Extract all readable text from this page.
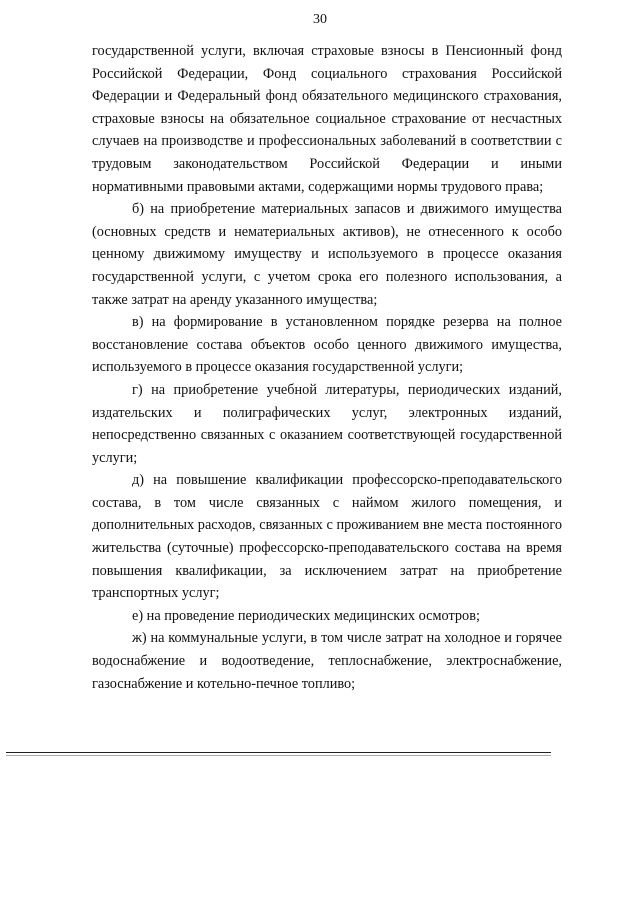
30

государственной услуги, включая страховые взносы в Пенсионный фонд Российской Федерации, Фонд социального страхования Российской Федерации и Федеральный фонд обязательного медицинского страхования, страховые взносы на обязательное социальное страхование от несчастных случаев на производстве и профессиональных заболеваний в соответствии с трудовым законодательством Российской Федерации и иными нормативными правовыми актами, содержащими нормы трудового права;

б) на приобретение материальных запасов и движимого имущества (основных средств и нематериальных активов), не отнесенного к особо ценному движимому имуществу и используемого в процессе оказания государственной услуги, с учетом срока его полезного использования, а также затрат на аренду указанного имущества;

в) на формирование в установленном порядке резерва на полное восстановление состава объектов особо ценного движимого имущества, используемого в процессе оказания государственной услуги;

г) на приобретение учебной литературы, периодических изданий, издательских и полиграфических услуг, электронных изданий, непосредственно связанных с оказанием соответствующей государственной услуги;

д) на повышение квалификации профессорско-преподавательского состава, в том числе связанных с наймом жилого помещения, и дополнительных расходов, связанных с проживанием вне места постоянного жительства (суточные) профессорско-преподавательского состава на время повышения квалификации, за исключением затрат на приобретение транспортных услуг;

е) на проведение периодических медицинских осмотров;

ж) на коммунальные услуги, в том числе затрат на холодное и горячее водоснабжение и водоотведение, теплоснабжение, электроснабжение, газоснабжение и котельно-печное топливо;
